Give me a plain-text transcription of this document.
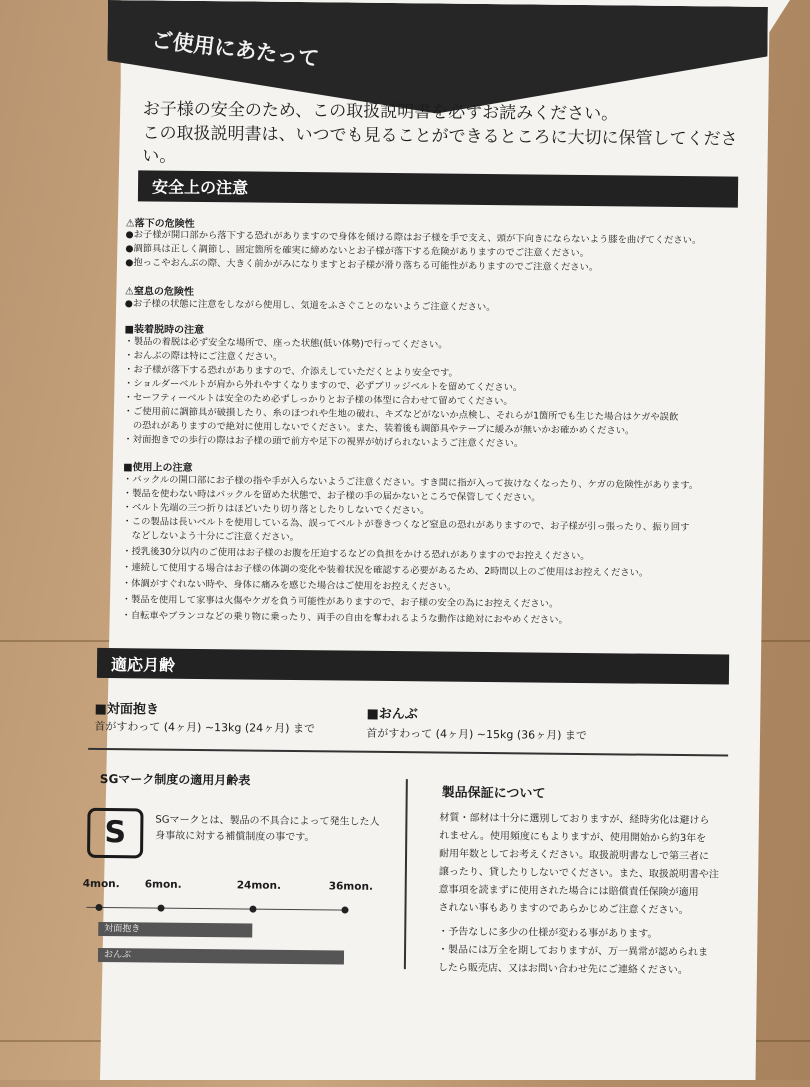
ご使用にあたって
お子様の安全のため、この取扱説明書を必ずお読みください。
この取扱説明書は、いつでも見ることができるところに大切に保管してください。
安全上の注意
⚠落下の危険性
●お子様が開口部から落下する恐れがありますので身体を傾ける際はお子様を手で支え、頭が下向きにならないよう膝を曲げてください。
●調節具は正しく調節し、固定箇所を確実に締めないとお子様が落下する危険がありますのでご注意ください。
●抱っこやおんぶの際、大きく前かがみになりますとお子様が滑り落ちる可能性がありますのでご注意ください。
⚠窒息の危険性
●お子様の状態に注意をしながら使用し、気道をふさぐことのないようご注意ください。
■装着脱時の注意
・製品の着脱は必ず安全な場所で、座った状態(低い体勢)で行ってください。
・おんぶの際は特にご注意ください。
・お子様が落下する恐れがありますので、介添えしていただくとより安全です。
・ショルダーベルトが肩から外れやすくなりますので、必ずブリッジベルトを留めてください。
・セーフティーベルトは安全のため必ずしっかりとお子様の体型に合わせて留めてください。
・ご使用前に調節具が破損したり、糸のほつれや生地の破れ、キズなどがないか点検し、それらが1箇所でも生じた場合はケガや誤飲
　の恐れがありますので絶対に使用しないでください。また、装着後も調節具やテープに緩みが無いかお確かめください。
・対面抱きでの歩行の際はお子様の頭で前方や足下の視界が妨げられないようご注意ください。
■使用上の注意
・バックルの開口部にお子様の指や手が入らないようご注意ください。すき間に指が入って抜けなくなったり、ケガの危険性があります。
・製品を使わない時はバックルを留めた状態で、お子様の手の届かないところで保管してください。
・ベルト先端の三つ折りはほどいたり切り落としたりしないでください。
・この製品は長いベルトを使用している為、誤ってベルトが巻きつくなど窒息の恐れがありますので、お子様が引っ張ったり、振り回す
　などしないよう十分にご注意ください。
・授乳後30分以内のご使用はお子様のお腹を圧迫するなどの負担をかける恐れがありますのでお控えください。
・連続して使用する場合はお子様の体調の変化や装着状況を確認する必要があるため、2時間以上のご使用はお控えください。
・体調がすぐれない時や、身体に痛みを感じた場合はご使用をお控えください。
・製品を使用して家事は火傷やケガを負う可能性がありますので、お子様の安全の為にお控えください。
・自転車やブランコなどの乗り物に乗ったり、両手の自由を奪われるような動作は絶対におやめください。
適応月齢
■対面抱き
首がすわって (4ヶ月) ~13kg (24ヶ月) まで
■おんぶ
首がすわって (4ヶ月) ~15kg (36ヶ月) まで
SGマーク制度の適用月齢表
S	SGマークとは、製品の不具合によって発生した人身事故に対する補償制度の事です。
4mon. 6mon.	24mon.	36mon.
対面抱き
おんぶ
製品保証について
材質・部材は十分に選別しておりますが、経時劣化は避けら
れません。使用頻度にもよりますが、使用開始から約3年を
耐用年数としてお考えください。取扱説明書なしで第三者に
譲ったり、貸したりしないでください。また、取扱説明書や注
意事項を読まずに使用された場合には賠償責任保険が適用
されない事もありますのであらかじめご注意ください。
・予告なしに多少の仕様が変わる事があります。
・製品には万全を期しておりますが、万一異常が認められま
したら販売店、又はお問い合わせ先にご連絡ください。
